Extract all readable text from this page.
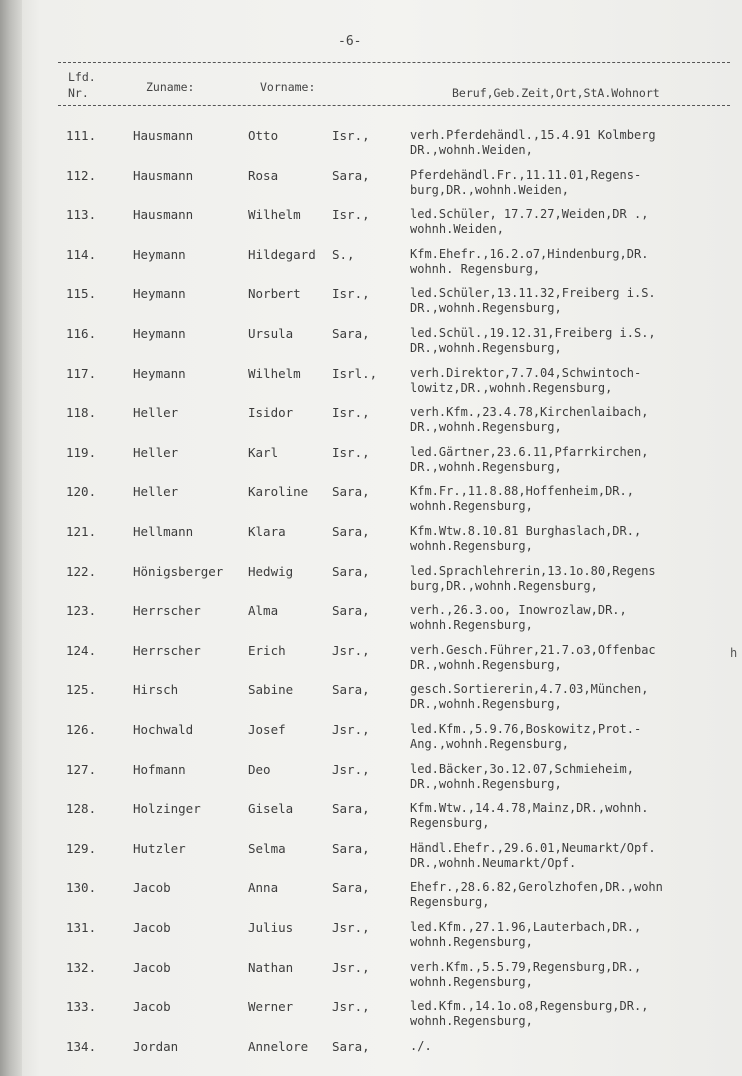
-6-
Lfd.
Nr.	Zuname:	Vorname:	Beruf,Geb.Zeit,Ort,StA.Wohnort
111.	Hausmann	Otto	Isr.,	verh.Pferdehändl.,15.4.91 Kolmberg
DR.,wohnh.Weiden,
112.	Hausmann	Rosa	Sara,	Pferdehändl.Fr.,11.11.01,Regens-
burg,DR.,wohnh.Weiden,
113.	Hausmann	Wilhelm	Isr.,	led.Schüler, 17.7.27,Weiden,DR .,
wohnh.Weiden,
114.	Heymann	Hildegard S.,	Kfm.Ehefr.,16.2.o7,Hindenburg,DR.
wohnh. Regensburg,
115.	Heymann	Norbert	Isr.,	led.Schüler,13.11.32,Freiberg i.S.
DR.,wohnh.Regensburg,
116.	Heymann	Ursula	Sara,	led.Schül.,19.12.31,Freiberg i.S.,
DR.,wohnh.Regensburg,
117.	Heymann	Wilhelm	Isrl.,	verh.Direktor,7.7.04,Schwintoch-
lowitz,DR.,wohnh.Regensburg,
118.	Heller	Isidor	Isr.,	verh.Kfm.,23.4.78,Kirchenlaibach,
DR.,wohnh.Regensburg,
119.	Heller	Karl	Isr.,	led.Gärtner,23.6.11,Pfarrkirchen,
DR.,wohnh.Regensburg,
120.	Heller	Karoline Sara,	Kfm.Fr.,11.8.88,Hoffenheim,DR.,
wohnh.Regensburg,
121.	Hellmann	Klara	Sara,	Kfm.Wtw.8.10.81 Burghaslach,DR.,
wohnh.Regensburg,
122.	Hönigsberger Hedwig	Sara,	led.Sprachlehrerin,13.1o.80,Regens
burg,DR.,wohnh.Regensburg,
123.	Herrscher	Alma	Sara,	verh.,26.3.oo, Inowrozlaw,DR.,
wohnh.Regensburg,
124.	Herrscher	Erich	Jsr.,	verh.Gesch.Führer,21.7.o3,Offenbac
DR.,wohnh.Regensburg,
125.	Hirsch	Sabine	Sara,	gesch.Sortiererin,4.7.03,München,
DR.,wohnh.Regensburg,
126.	Hochwald	Josef	Jsr.,	led.Kfm.,5.9.76,Boskowitz,Prot.-
Ang.,wohnh.Regensburg,
127.	Hofmann	Deo	Jsr.,	led.Bäcker,3o.12.07,Schmieheim,
DR.,wohnh.Regensburg,
128.	Holzinger	Gisela	Sara,	Kfm.Wtw.,14.4.78,Mainz,DR.,wohnh.
Regensburg,
129.	Hutzler	Selma	Sara,	Händl.Ehefr.,29.6.01,Neumarkt/Opf.
DR.,wohnh.Neumarkt/Opf.
130.	Jacob	Anna	Sara,	Ehefr.,28.6.82,Gerolzhofen,DR.,wohn
Regensburg,
131.	Jacob	Julius	Jsr.,	led.Kfm.,27.1.96,Lauterbach,DR.,
wohnh.Regensburg,
132.	Jacob	Nathan	Jsr.,	verh.Kfm.,5.5.79,Regensburg,DR.,
wohnh.Regensburg,
133.	Jacob	Werner	Jsr.,	led.Kfm.,14.1o.o8,Regensburg,DR.,
wohnh.Regensburg,
134.	Jordan	Annelore Sara,	./.
h
